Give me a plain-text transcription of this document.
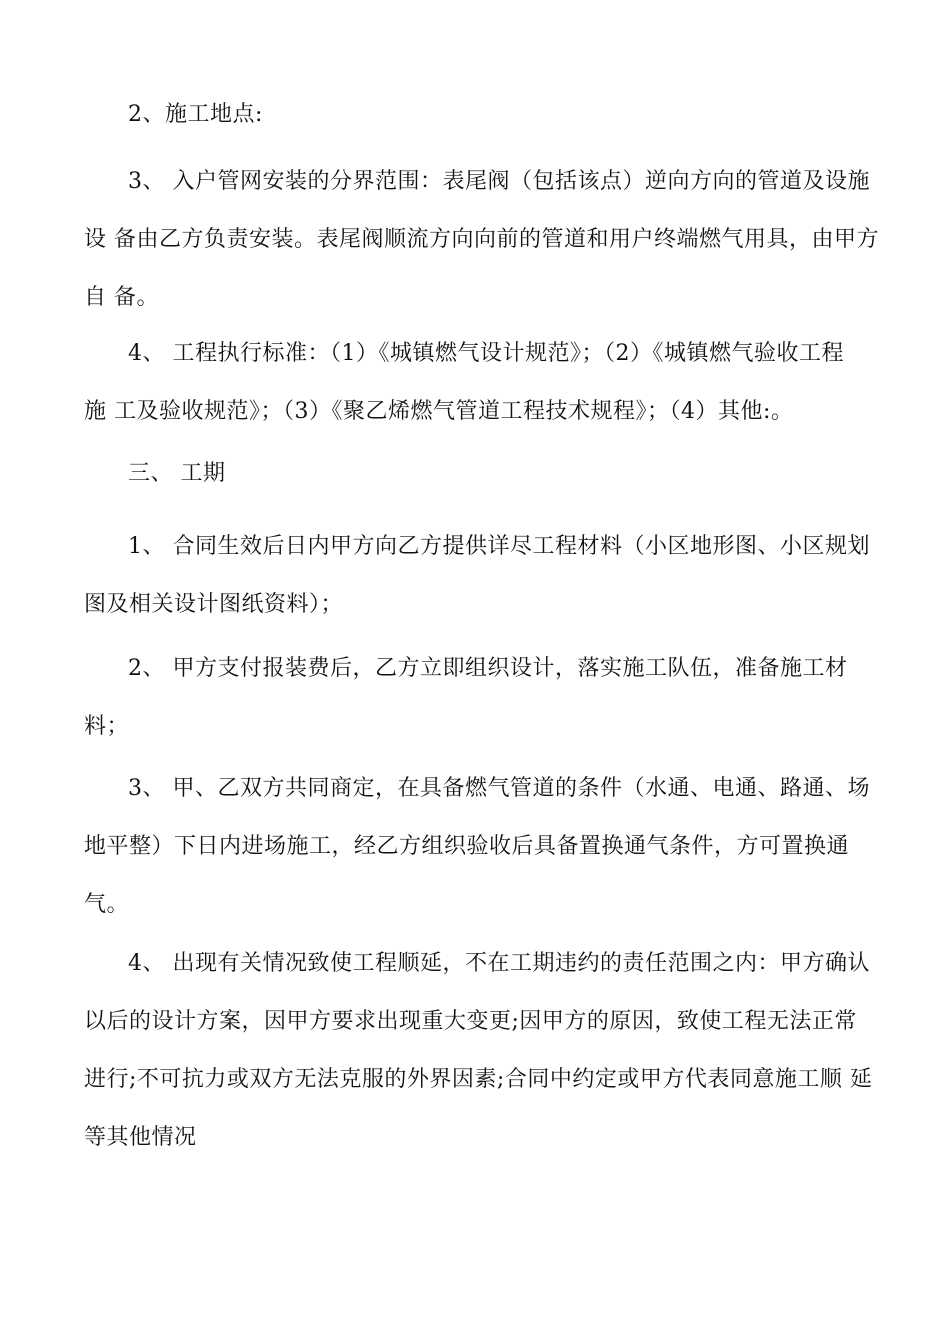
2、施工地点:
3、 入户管网安装的分界范围：表尾阀（包括该点）逆向方向的管道及设施
设 备由乙方负责安装。表尾阀顺流方向向前的管道和用户终端燃气用具，由甲方
自 备。
4、 工程执行标准：（1）《城镇燃气设计规范》；（2）《城镇燃气验收工程
施 工及验收规范》；（3）《聚乙烯燃气管道工程技术规程》；（4）其他:。
三、 工期
1、 合同生效后日内甲方向乙方提供详尽工程材料（小区地形图、小区规划
图及相关设计图纸资料）；
2、 甲方支付报装费后，乙方立即组织设计，落实施工队伍，准备施工材
料；
3、 甲、乙双方共同商定，在具备燃气管道的条件（水通、电通、路通、场
地平整）下日内进场施工，经乙方组织验收后具备置换通气条件，方可置换通
气。
4、 出现有关情况致使工程顺延，不在工期违约的责任范围之内：甲方确认
以后的设计方案，因甲方要求出现重大变更;因甲方的原因，致使工程无法正常
进行;不可抗力或双方无法克服的外界因素;合同中约定或甲方代表同意施工顺 延
等其他情况
